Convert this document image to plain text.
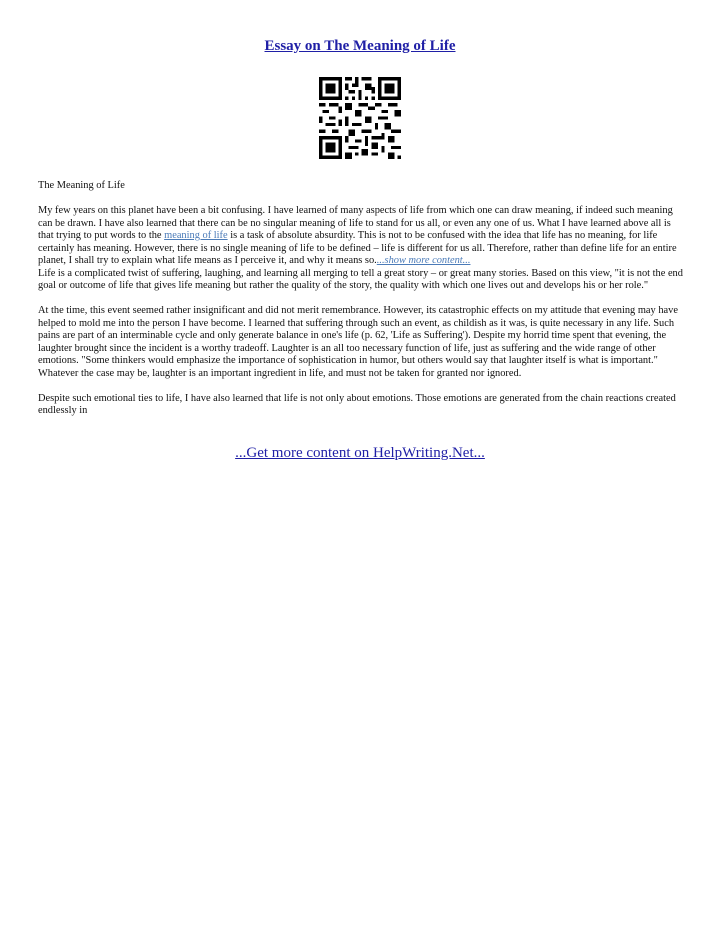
Essay on The Meaning of Life

The Meaning of Life

My few years on this planet have been a bit confusing. I have learned of many aspects of life from which one can draw meaning, if indeed such meaning can be drawn. I have also learned that there can be no singular meaning of life to stand for us all, or even any one of us. What I have learned above all is that trying to put words to the meaning of life is a task of absolute absurdity. This is not to be confused with the idea that life has no meaning, for life certainly has meaning. However, there is no single meaning of life to be defined – life is different for us all. Therefore, rather than define life for an entire planet, I shall try to explain what life means as I perceive it, and why it means so....show more content...
Life is a complicated twist of suffering, laughing, and learning all merging to tell a great story – or great many stories. Based on this view, "it is not the end goal or outcome of life that gives life meaning but rather the quality of the story, the quality with which one lives out and develops his or her role."

At the time, this event seemed rather insignificant and did not merit remembrance. However, its catastrophic effects on my attitude that evening may have helped to mold me into the person I have become. I learned that suffering through such an event, as childish as it was, is quite necessary in any life. Such pains are part of an interminable cycle and only generate balance in one's life (p. 62, 'Life as Suffering'). Despite my horrid time spent that evening, the laughter brought since the incident is a worthy tradeoff. Laughter is an all too necessary function of life, just as suffering and the wide range of other emotions. "Some thinkers would emphasize the importance of sophistication in humor, but others would say that laughter itself is what is important." Whatever the case may be, laughter is an important ingredient in life, and must not be taken for granted nor ignored.

Despite such emotional ties to life, I have also learned that life is not only about emotions. Those emotions are generated from the chain reactions created endlessly in

...Get more content on HelpWriting.Net...
